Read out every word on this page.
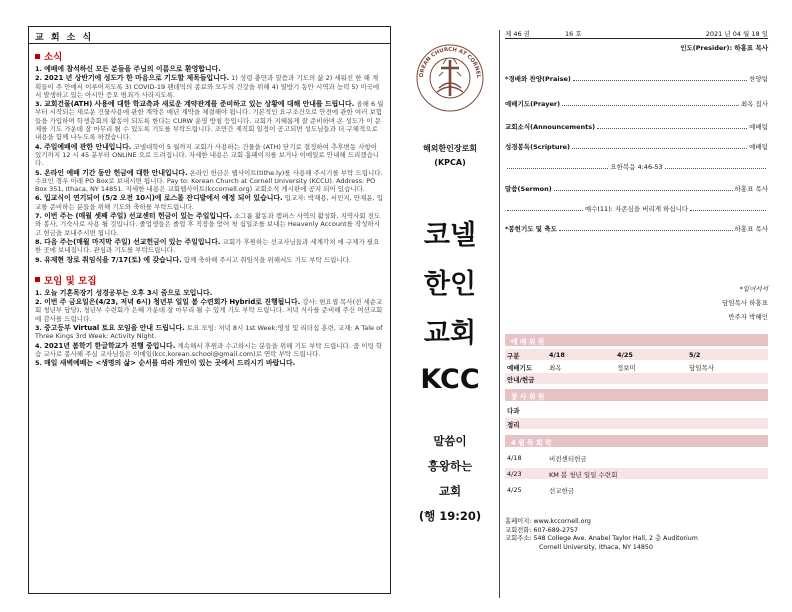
교 회 소 식
소식
1. 예배에 참석하신 모든 분들을 주님의 이름으로 환영합니다.
2. 2021 년 상반기에 성도가 한 마음으로 기도할 제목들입니다. 1) 성령 충만과 말씀과 기도의 삶 2) 세워진 한 해 계획들이 주 안에서 이루어지도록 3) COVID-19 팬데믹의 종료와 모두의 건강을 위해 4) 열방기 동안 시역과 능력 5) 미국에서 발생하고 있는 아시안 증오 범죄가 사라지도록.
3. 교회건물(ATH) 사용에 대한 학교측과 새로운 계약관계를 준비하고 있는 상황에 대해 안내를 드립니다. 올해 6 월부터 시작되는 새로운 건물사용에 관한 계약은 매년 계약을 체결해야 됩니다. 기본적인 요구조건으로 안전에 관한 여러 보험들을 가입하며 학생층회의 활동이 되도록 한다는 CURW 운영 방침 등입니다. 교회가 지혜롭게 잘 준비하며 온 성도가 이 문제를 기도 가운데 잘 마무리 될 수 있도록 기도를 부탁드립니다. 조만간 제직회 일정이 공고되면 성도님들과 더 구체적으로 내용을 함께 나누도록 하겠습니다.
4. 주일예배에 관한 안내입니다. 코넬대학이 5 월까지 교회가 사용하는 건물을 (ATH) 닫기로 결정하여 추후변동 사항이 있기까지 12 시 45 분부터 ONLINE 으로 드려집니다. 자세한 내용은 교회 홈페이지를 보거나 이메일로 안내해 드리겠습니다.
5. 온라인 예배 기간 동안 헌금에 대한 안내입니다. 온라인 헌금은 웹사이트(tithe.ly)를 사용해 주시기를 부탁 드립니다. 수표인 경우 아래 PO Box로 보내시면 됩니다. Pay to: Korean Church at Cornell University (KCCU). Address: PO Box 351, Ithaca, NY 14851. 자세한 내용은 교회웹사이트(kccornell.org) 교회소식 게시판에 공지 되어 있습니다.
6. 입교식이 연기되어 (5/2 오전 10시)에 로스롤 잔디밭에서 예정 되어 있습니다. 입교자: 박재용, 서민지, 안재윤, 입교를 준비하는 분들을 위해 기도와 축하를 부탁드립니다.
7. 이번 주는 (매월 셋째 주일) 선교센터 헌금이 있는 주일입니다. 소그룹 활동과 캠퍼스 사역의 활성화, 지역사회 전도와 봉사, 기숙사로 사용 될 것입니다. 졸업생들은 졸업 후 직장을 얻어 첫 십일조를 보내는 Heavenly Account를 작성하시고 헌금을 보내주시면 됩니다.
8. 다음 주는(매월 마지막 주일) 선교헌금이 있는 주일입니다. 교회가 후원하는 선교사님들과 세계각처 에 구제가 필요한 곳에 보내집니다. 관심과 기도를 부탁드립니다.
9. 유재현 장로 취임식을 7/17(토) 에 갖습니다. 함께 축하해 주시고 취임식을 위해서도 기도 부탁 드립니다.
모임 및 모집
1. 오늘 기혼목장기 성경공부는 오후 3시 줌으로 모입니다.
2. 이번 주 금요일은(4/23, 저녁 6시) 청년부 일일 봄 수련회가 Hybrid로 진행됩니다. 강사: 현요셉 목사(전 세순교회 청년부 담당), 청년부 수련회가 은혜 가운데 잘 마무리 될 수 있게 기도 부탁 드립니다. 저녁 식사를 준비해 주신 여선교회에 감사를 드립니다.
3. 중고등부 Virtual 토요 모임을 안내 드립니다. 토요 모임: 저녁 8시 1st Week:영성 및 리더십 훈련, 교재: A Tale of Three Kings 3rd Week: Activity Night.
4. 2021년 봄학기 한글학교가 진행 중입니다. 계속해서 후원과 수고하시는 분들을 위해 기도 부탁 드립니다. 줌 이팅 학습 교사로 봉사해 주실 교사님들은 이메일(kcc.korean.school@gmail.com)로 연락 부탁 드립니다.
5. 매일 새벽예배는 <생명의 삶> 순서를 따라 개인이 있는 곳에서 드리시기 바랍니다.
OREAN CHURCH AT CORNEL
해외한인장로회
(KPCA)
코넬
한인
교회
KCC
말씀이
흥왕하는
교회
(행 19:20)
제 46 권	16 호	2021 년 04 월 18 일
인도(Presider): 하홍표 목사
*경배와 찬양(Praise)	찬양팀
예배기도(Prayer)	최옥 집사
교회소식(Announcements)	예배팀
성경봉독(Scripture)	예배팀
요한복음 4:46-53
말씀(Sermon)	하홍표 목사
예수(11): 자존심을 버리게 하십니다
*봉헌기도 및 축도	하홍표 목사
*일어서서
담임목사 하홍표
반주자 박혜인
예 배 위 원
구분	4/18	4/25	5/2
예배기도	최옥	정보미	담임목사
안내/헌금
봉 사 위 원
다과
정리
4 월 목 회 력
4/18	비전센터헌금
4/23	KM 봄 청년 일일 수련회
4/25	선교헌금
홈페이지: www.kccornell.org
교회전화: 607-689-2757
교회주소: 548 College Ave. Anabel Taylor Hall, 2 층 Auditorium
Cornell University, Ithaca, NY 14850
